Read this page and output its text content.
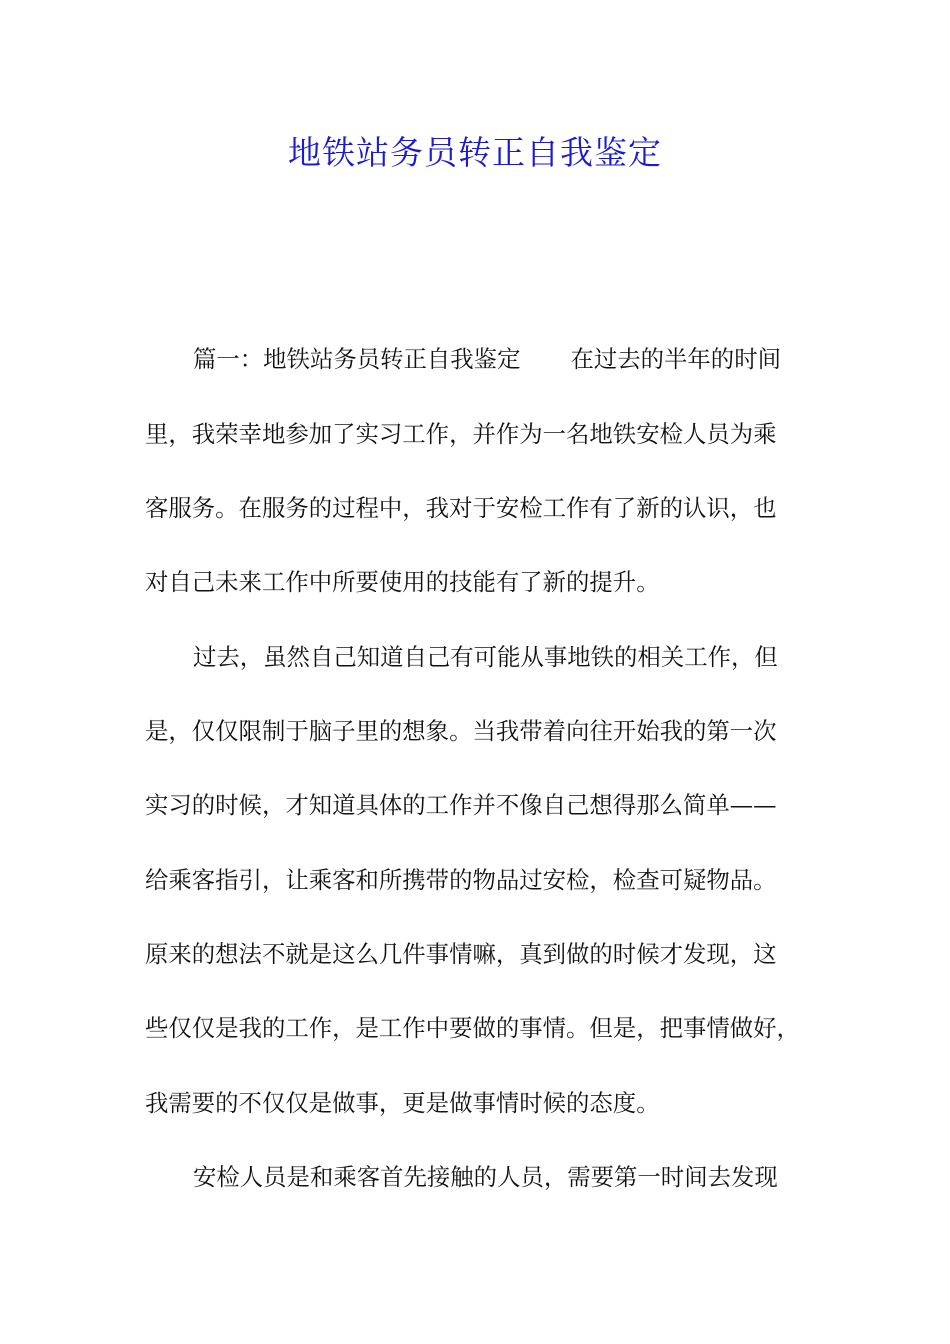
地铁站务员转正自我鉴定
篇一：地铁站务员转正自我鉴定 在过去的半年的时间
里，我荣幸地参加了实习工作，并作为一名地铁安检人员为乘
客服务。在服务的过程中，我对于安检工作有了新的认识，也
对自己未来工作中所要使用的技能有了新的提升。
过去，虽然自己知道自己有可能从事地铁的相关工作，但
是，仅仅限制于脑子里的想象。当我带着向往开始我的第一次
实习的时候，才知道具体的工作并不像自己想得那么简单——
给乘客指引，让乘客和所携带的物品过安检，检查可疑物品。
原来的想法不就是这么几件事情嘛，真到做的时候才发现，这
些仅仅是我的工作，是工作中要做的事情。但是，把事情做好，
我需要的不仅仅是做事，更是做事情时候的态度。
安检人员是和乘客首先接触的人员，需要第一时间去发现
